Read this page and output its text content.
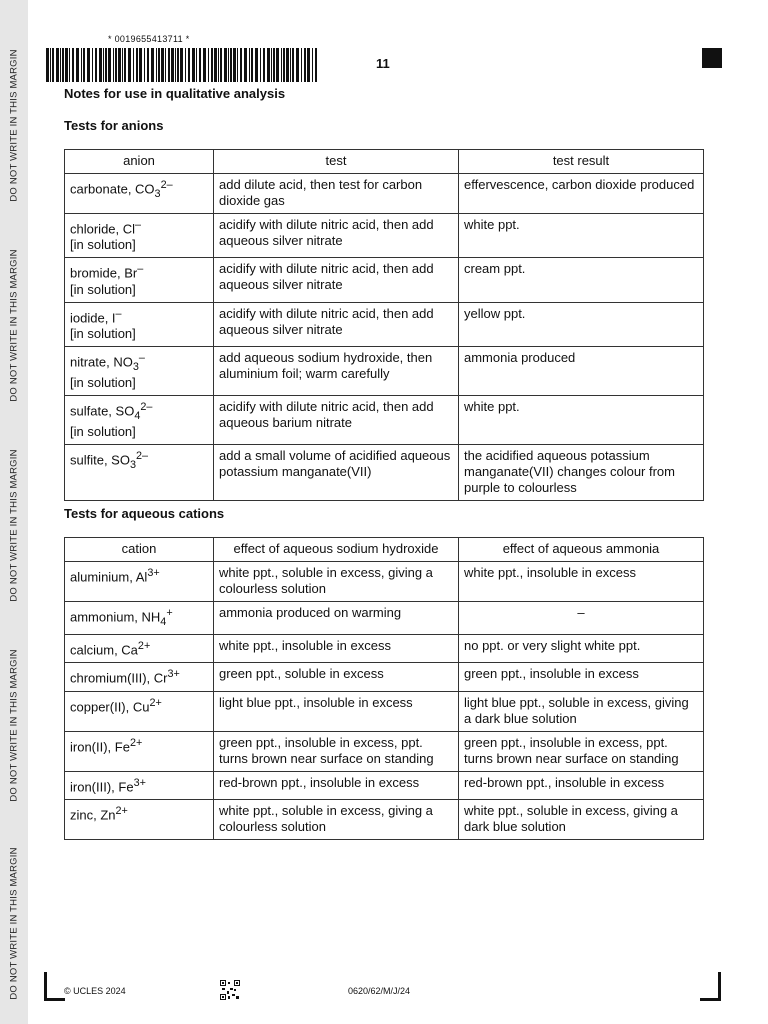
DO NOT WRITE IN THIS MARGIN
DO NOT WRITE IN THIS MARGIN
DO NOT WRITE IN THIS MARGIN
DO NOT WRITE IN THIS MARGIN
DO NOT WRITE IN THIS MARGIN
* 0019655413711 *
11
Notes for use in qualitative analysis
Tests for anions
anion	test	test result
carbonate, $CO_3^{2-}$	add dilute acid, then test for carbon dioxide gas	effervescence, carbon dioxide produced
chloride, Cl–
[in solution]	acidify with dilute nitric acid, then add aqueous silver nitrate	white ppt.
bromide, Br–
[in solution]	acidify with dilute nitric acid, then add aqueous silver nitrate	cream ppt.
iodide, I–
[in solution]	acidify with dilute nitric acid, then add aqueous silver nitrate	yellow ppt.
nitrate, $NO_3^-$
[in solution]	add aqueous sodium hydroxide, then aluminium foil; warm carefully	ammonia produced
sulfate, $SO_4^{2-}$
[in solution]	acidify with dilute nitric acid, then add aqueous barium nitrate	white ppt.
sulfite, $SO_3^{2-}$	add a small volume of acidified aqueous potassium manganate(VII)	the acidified aqueous potassium manganate(VII) changes colour from purple to colourless
Tests for aqueous cations
cation	effect of aqueous sodium hydroxide	effect of aqueous ammonia
aluminium, $Al^{3+}$	white ppt., soluble in excess, giving a colourless solution	white ppt., insoluble in excess
ammonium, $NH_4^+$	ammonia produced on warming	–
calcium, $Ca^{2+}$	white ppt., insoluble in excess	no ppt. or very slight white ppt.
chromium(III), $Cr^{3+}$	green ppt., soluble in excess	green ppt., insoluble in excess
copper(II), $Cu^{2+}$	light blue ppt., insoluble in excess	light blue ppt., soluble in excess, giving a dark blue solution
iron(II), $Fe^{2+}$	green ppt., insoluble in excess, ppt. turns brown near surface on standing	green ppt., insoluble in excess, ppt. turns brown near surface on standing
iron(III), $Fe^{3+}$	red-brown ppt., insoluble in excess	red-brown ppt., insoluble in excess
zinc, $Zn^{2+}$	white ppt., soluble in excess, giving a colourless solution	white ppt., soluble in excess, giving a dark blue solution
© UCLES 2024	0620/62/M/J/24
